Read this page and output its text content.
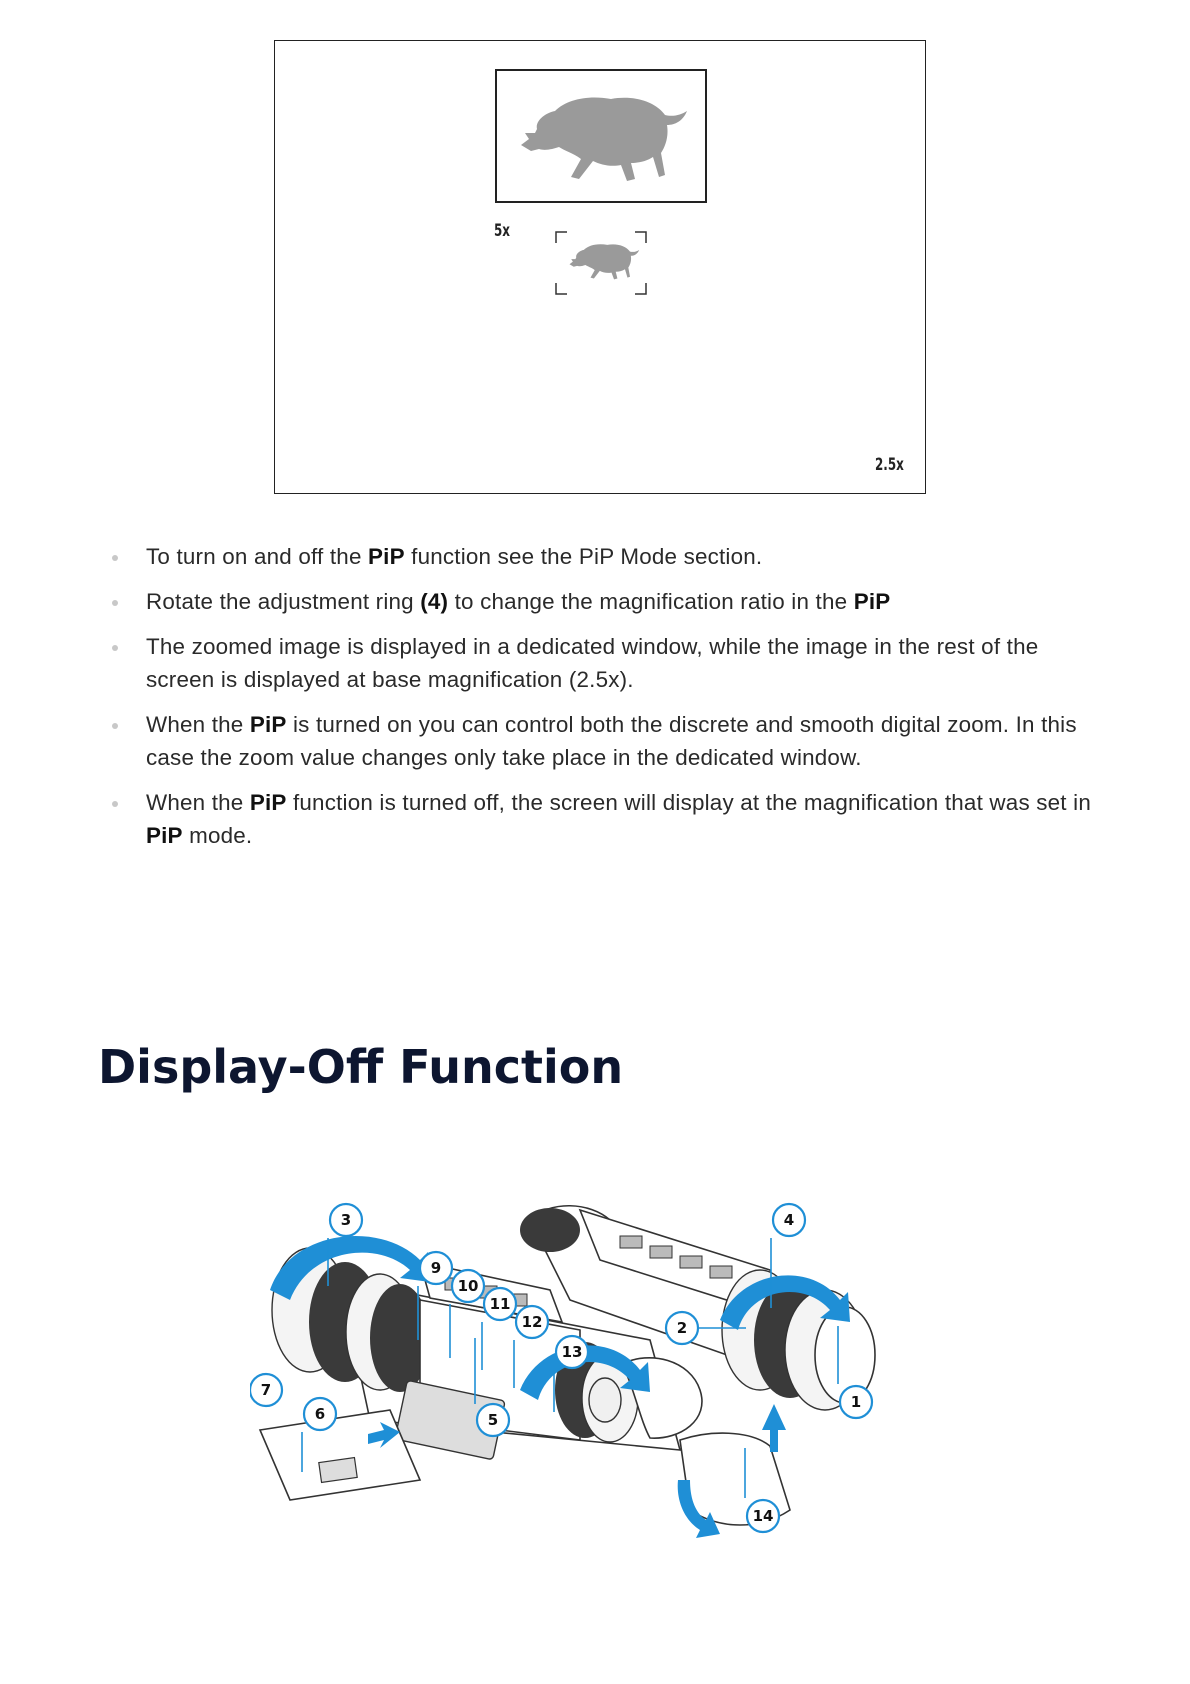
5x
2.5x
To turn on and off the PiP function see the PiP Mode section.
Rotate the adjustment ring (4) to change the magnification ratio in the PiP
The zoomed image is displayed in a dedicated window, while the image in the rest of the screen is displayed at base magnification (2.5x).
When the PiP is turned on you can control both the discrete and smooth digital zoom. In this case the zoom value changes only take place in the dedicated window.
When the PiP function is turned off, the screen will display at the magnification that was set in PiP mode.
Display-Off Function
3	4
9
10
11
12
13
7
6
2
1
5
14
